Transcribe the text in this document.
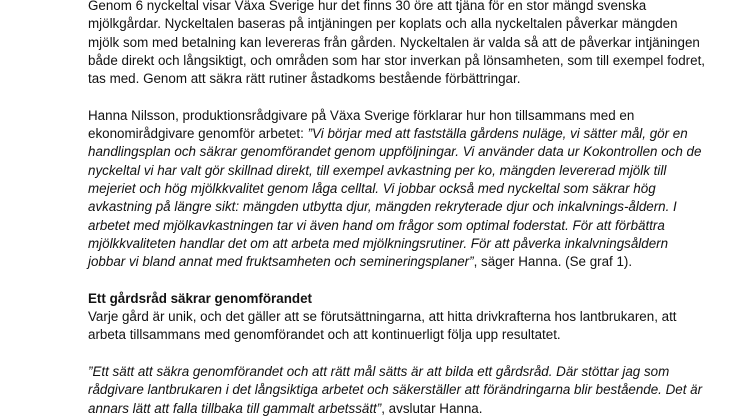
Genom 6 nyckeltal visar Växa Sverige hur det finns 30 öre att tjäna för en stor mängd svenska mjölkgårdar. Nyckeltalen baseras på intjäningen per koplats och alla nyckeltalen påverkar mängden mjölk som med betalning kan levereras från gården. Nyckeltalen är valda så att de påverkar intjäningen både direkt och långsiktigt, och områden som har stor inverkan på lönsamheten, som till exempel fodret, tas med. Genom att säkra rätt rutiner åstadkoms bestående förbättringar.

Hanna Nilsson, produktionsrådgivare på Växa Sverige förklarar hur hon tillsammans med en ekonomirådgivare genomför arbetet: ”Vi börjar med att fastställa gårdens nuläge, vi sätter mål, gör en handlingsplan och säkrar genomförandet genom uppföljningar. Vi använder data ur Kokontrollen och de nyckeltal vi har valt gör skillnad direkt, till exempel avkastning per ko, mängden levererad mjölk till mejeriet och hög mjölkkvalitet genom låga celltal. Vi jobbar också med nyckeltal som säkrar hög avkastning på längre sikt: mängden utbytta djur, mängden rekryterade djur och inkalvnings-åldern. I arbetet med mjölkavkastningen tar vi även hand om frågor som optimal foderstat. För att förbättra mjölkkvaliteten handlar det om att arbeta med mjölkningsrutiner. För att påverka inkalvningsåldern jobbar vi bland annat med fruktsamheten och semineringsplaner”, säger Hanna. (Se graf 1).

Ett gårdsråd säkrar genomförandet

Varje gård är unik, och det gäller att se förutsättningarna, att hitta drivkrafterna hos lantbrukaren, att arbeta tillsammans med genomförandet och att kontinuerligt följa upp resultatet.

”Ett sätt att säkra genomförandet och att rätt mål sätts är att bilda ett gårdsråd. Där stöttar jag som rådgivare lantbrukaren i det långsiktiga arbetet och säkerställer att förändringarna blir bestående. Det är annars lätt att falla tillbaka till gammalt arbetssätt”, avslutar Hanna.
